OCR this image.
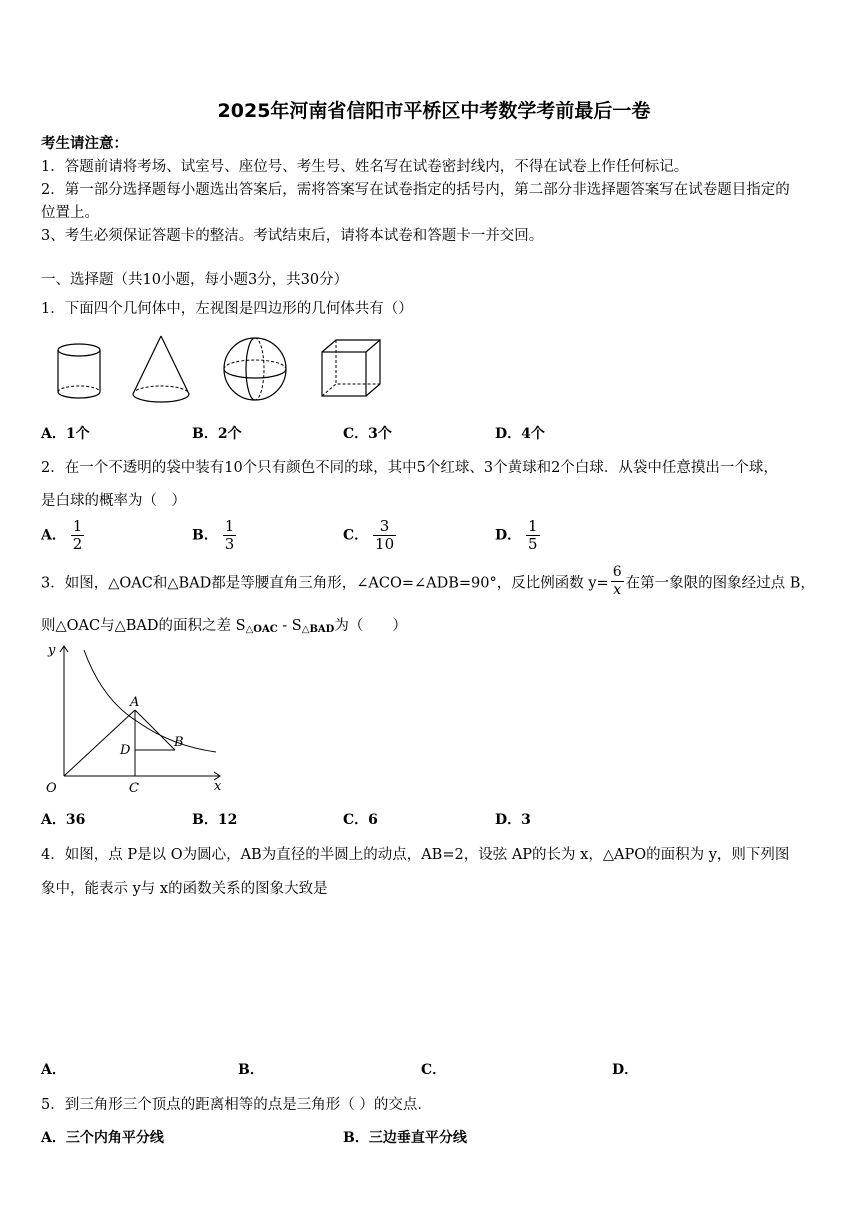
2025年河南省信阳市平桥区中考数学考前最后一卷
考生请注意：
1．答题前请将考场、试室号、座位号、考生号、姓名写在试卷密封线内，不得在试卷上作任何标记。
2．第一部分选择题每小题选出答案后，需将答案写在试卷指定的括号内，第二部分非选择题答案写在试卷题目指定的
位置上。
3、考生必须保证答题卡的整洁。考试结束后，请将本试卷和答题卡一并交回。
一、选择题（共10小题，每小题3分，共30分）
1．下面四个几何体中，左视图是四边形的几何体共有（）
A．1个	B．2个	C．3个	D．4个
2．在一个不透明的袋中装有10个只有颜色不同的球，其中5个红球、3个黄球和2个白球．从袋中任意摸出一个球，
是白球的概率为（　）
A． $\frac{1}{2}$	B． $\frac{1}{3}$	C． $\frac{3}{10}$	D． $\frac{1}{5}$
3．如图，△OAC和△BAD都是等腰直角三角形，∠ACO=∠ADB=90°，反比例函数 $y= \frac{6}{x}$ 在第一象限的图象经过点 B，
则△OAC与△BAD的面积之差 $S_{\triangle OAC} - S_{\triangle BAD}$为（　　）
y
x
O
A
B
C
D
A．36	B．12	C．6	D．3
4．如图，点 P是以 O为圆心，AB为直径的半圆上的动点，AB=2，设弦 AP的长为 x，△APO的面积为 y，则下列图
象中，能表示 y与 x的函数关系的图象大致是
A．	B．	C．	D．
5．到三角形三个顶点的距离相等的点是三角形（ ）的交点．
A．三个内角平分线	B．三边垂直平分线
